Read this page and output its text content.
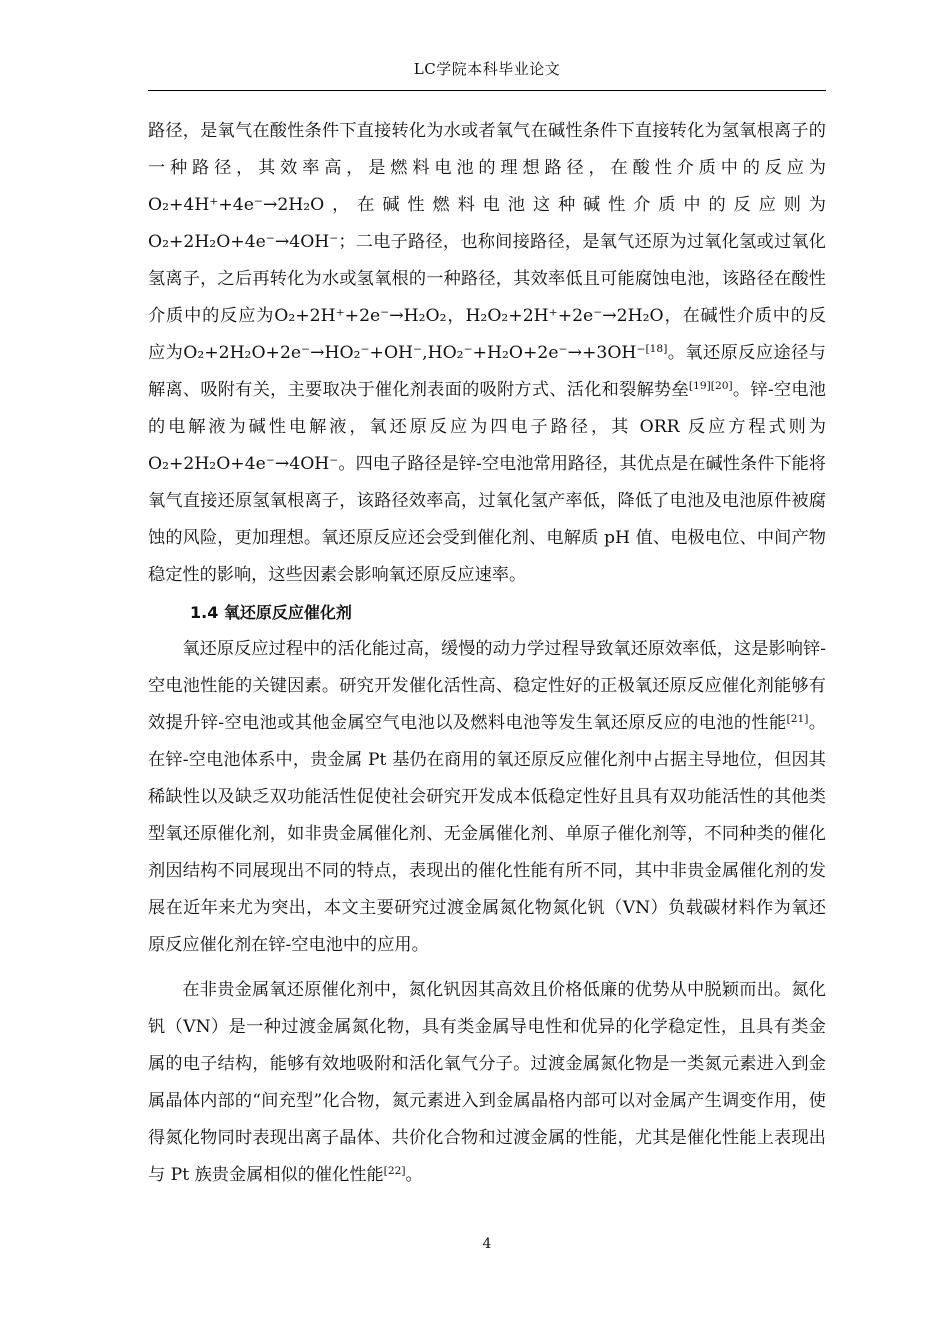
LC学院本科毕业论文

路径，是氧气在酸性条件下直接转化为水或者氧气在碱性条件下直接转化为氢氧根离子的一种路径，其效率高，是燃料电池的理想路径，在酸性介质中的反应为O₂+4H⁺+4e⁻→2H₂O，在碱性燃料电池这种碱性介质中的反应则为O₂+2H₂O+4e⁻→4OH⁻；二电子路径，也称间接路径，是氧气还原为过氧化氢或过氧化氢离子，之后再转化为水或氢氧根的一种路径，其效率低且可能腐蚀电池，该路径在酸性介质中的反应为O₂+2H⁺+2e⁻→H₂O₂，H₂O₂+2H⁺+2e⁻→2H₂O，在碱性介质中的反应为O₂+2H₂O+2e⁻→HO₂⁻+OH⁻,HO₂⁻+H₂O+2e⁻→+3OH⁻[18]。氧还原反应途径与解离、吸附有关，主要取决于催化剂表面的吸附方式、活化和裂解势垒[19][20]。锌-空电池的电解液为碱性电解液，氧还原反应为四电子路径，其 ORR 反应方程式则为O₂+2H₂O+4e⁻→4OH⁻。四电子路径是锌-空电池常用路径，其优点是在碱性条件下能将氧气直接还原氢氧根离子，该路径效率高，过氧化氢产率低，降低了电池及电池原件被腐蚀的风险，更加理想。氧还原反应还会受到催化剂、电解质 pH 值、电极电位、中间产物稳定性的影响，这些因素会影响氧还原反应速率。

1.4 氧还原反应催化剂

氧还原反应过程中的活化能过高，缓慢的动力学过程导致氧还原效率低，这是影响锌-空电池性能的关键因素。研究开发催化活性高、稳定性好的正极氧还原反应催化剂能够有效提升锌-空电池或其他金属空气电池以及燃料电池等发生氧还原反应的电池的性能[21]。在锌-空电池体系中，贵金属 Pt 基仍在商用的氧还原反应催化剂中占据主导地位，但因其稀缺性以及缺乏双功能活性促使社会研究开发成本低稳定性好且具有双功能活性的其他类型氧还原催化剂，如非贵金属催化剂、无金属催化剂、单原子催化剂等，不同种类的催化剂因结构不同展现出不同的特点，表现出的催化性能有所不同，其中非贵金属催化剂的发展在近年来尤为突出，本文主要研究过渡金属氮化物氮化钒（VN）负载碳材料作为氧还原反应催化剂在锌-空电池中的应用。

在非贵金属氧还原催化剂中，氮化钒因其高效且价格低廉的优势从中脱颖而出。氮化钒（VN）是一种过渡金属氮化物，具有类金属导电性和优异的化学稳定性，且具有类金属的电子结构，能够有效地吸附和活化氧气分子。过渡金属氮化物是一类氮元素进入到金属晶体内部的“间充型”化合物，氮元素进入到金属晶格内部可以对金属产生调变作用，使得氮化物同时表现出离子晶体、共价化合物和过渡金属的性能，尤其是催化性能上表现出与 Pt 族贵金属相似的催化性能[22]。

4
